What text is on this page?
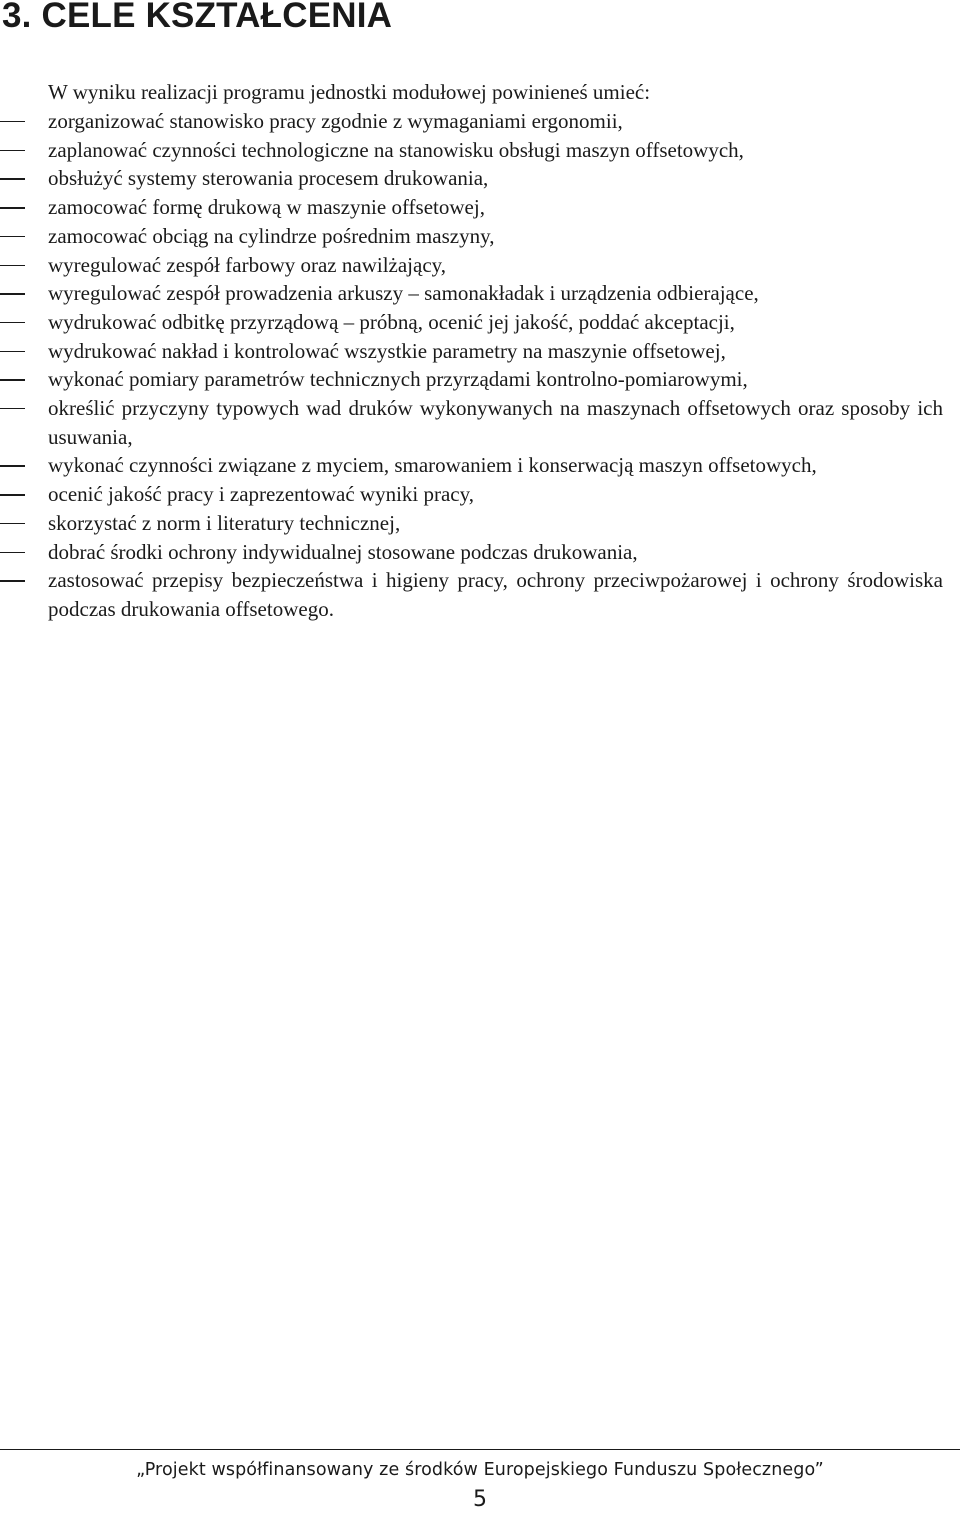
3. CELE KSZTAŁCENIA

W wyniku realizacji programu jednostki modułowej powinieneś umieć:

zorganizować stanowisko pracy zgodnie z wymaganiami ergonomii,
zaplanować czynności technologiczne na stanowisku obsługi maszyn offsetowych,
obsłużyć systemy sterowania procesem drukowania,
zamocować formę drukową w maszynie offsetowej,
zamocować obciąg na cylindrze pośrednim maszyny,
wyregulować zespół farbowy oraz nawilżający,
wyregulować zespół prowadzenia arkuszy – samonakładak i urządzenia odbierające,
wydrukować odbitkę przyrządową – próbną, ocenić jej jakość, poddać akceptacji,
wydrukować nakład i kontrolować wszystkie parametry na maszynie offsetowej,
wykonać pomiary parametrów technicznych przyrządami kontrolno-pomiarowymi,
określić przyczyny typowych wad druków wykonywanych na maszynach offsetowych oraz sposoby ich usuwania,
wykonać czynności związane z myciem, smarowaniem i konserwacją maszyn offsetowych,
ocenić jakość pracy i zaprezentować wyniki pracy,
skorzystać z norm i literatury technicznej,
dobrać środki ochrony indywidualnej stosowane podczas drukowania,
zastosować przepisy bezpieczeństwa i higieny pracy, ochrony przeciwpożarowej i ochrony środowiska podczas drukowania offsetowego.

„Projekt współfinansowany ze środków Europejskiego Funduszu Społecznego”

5
